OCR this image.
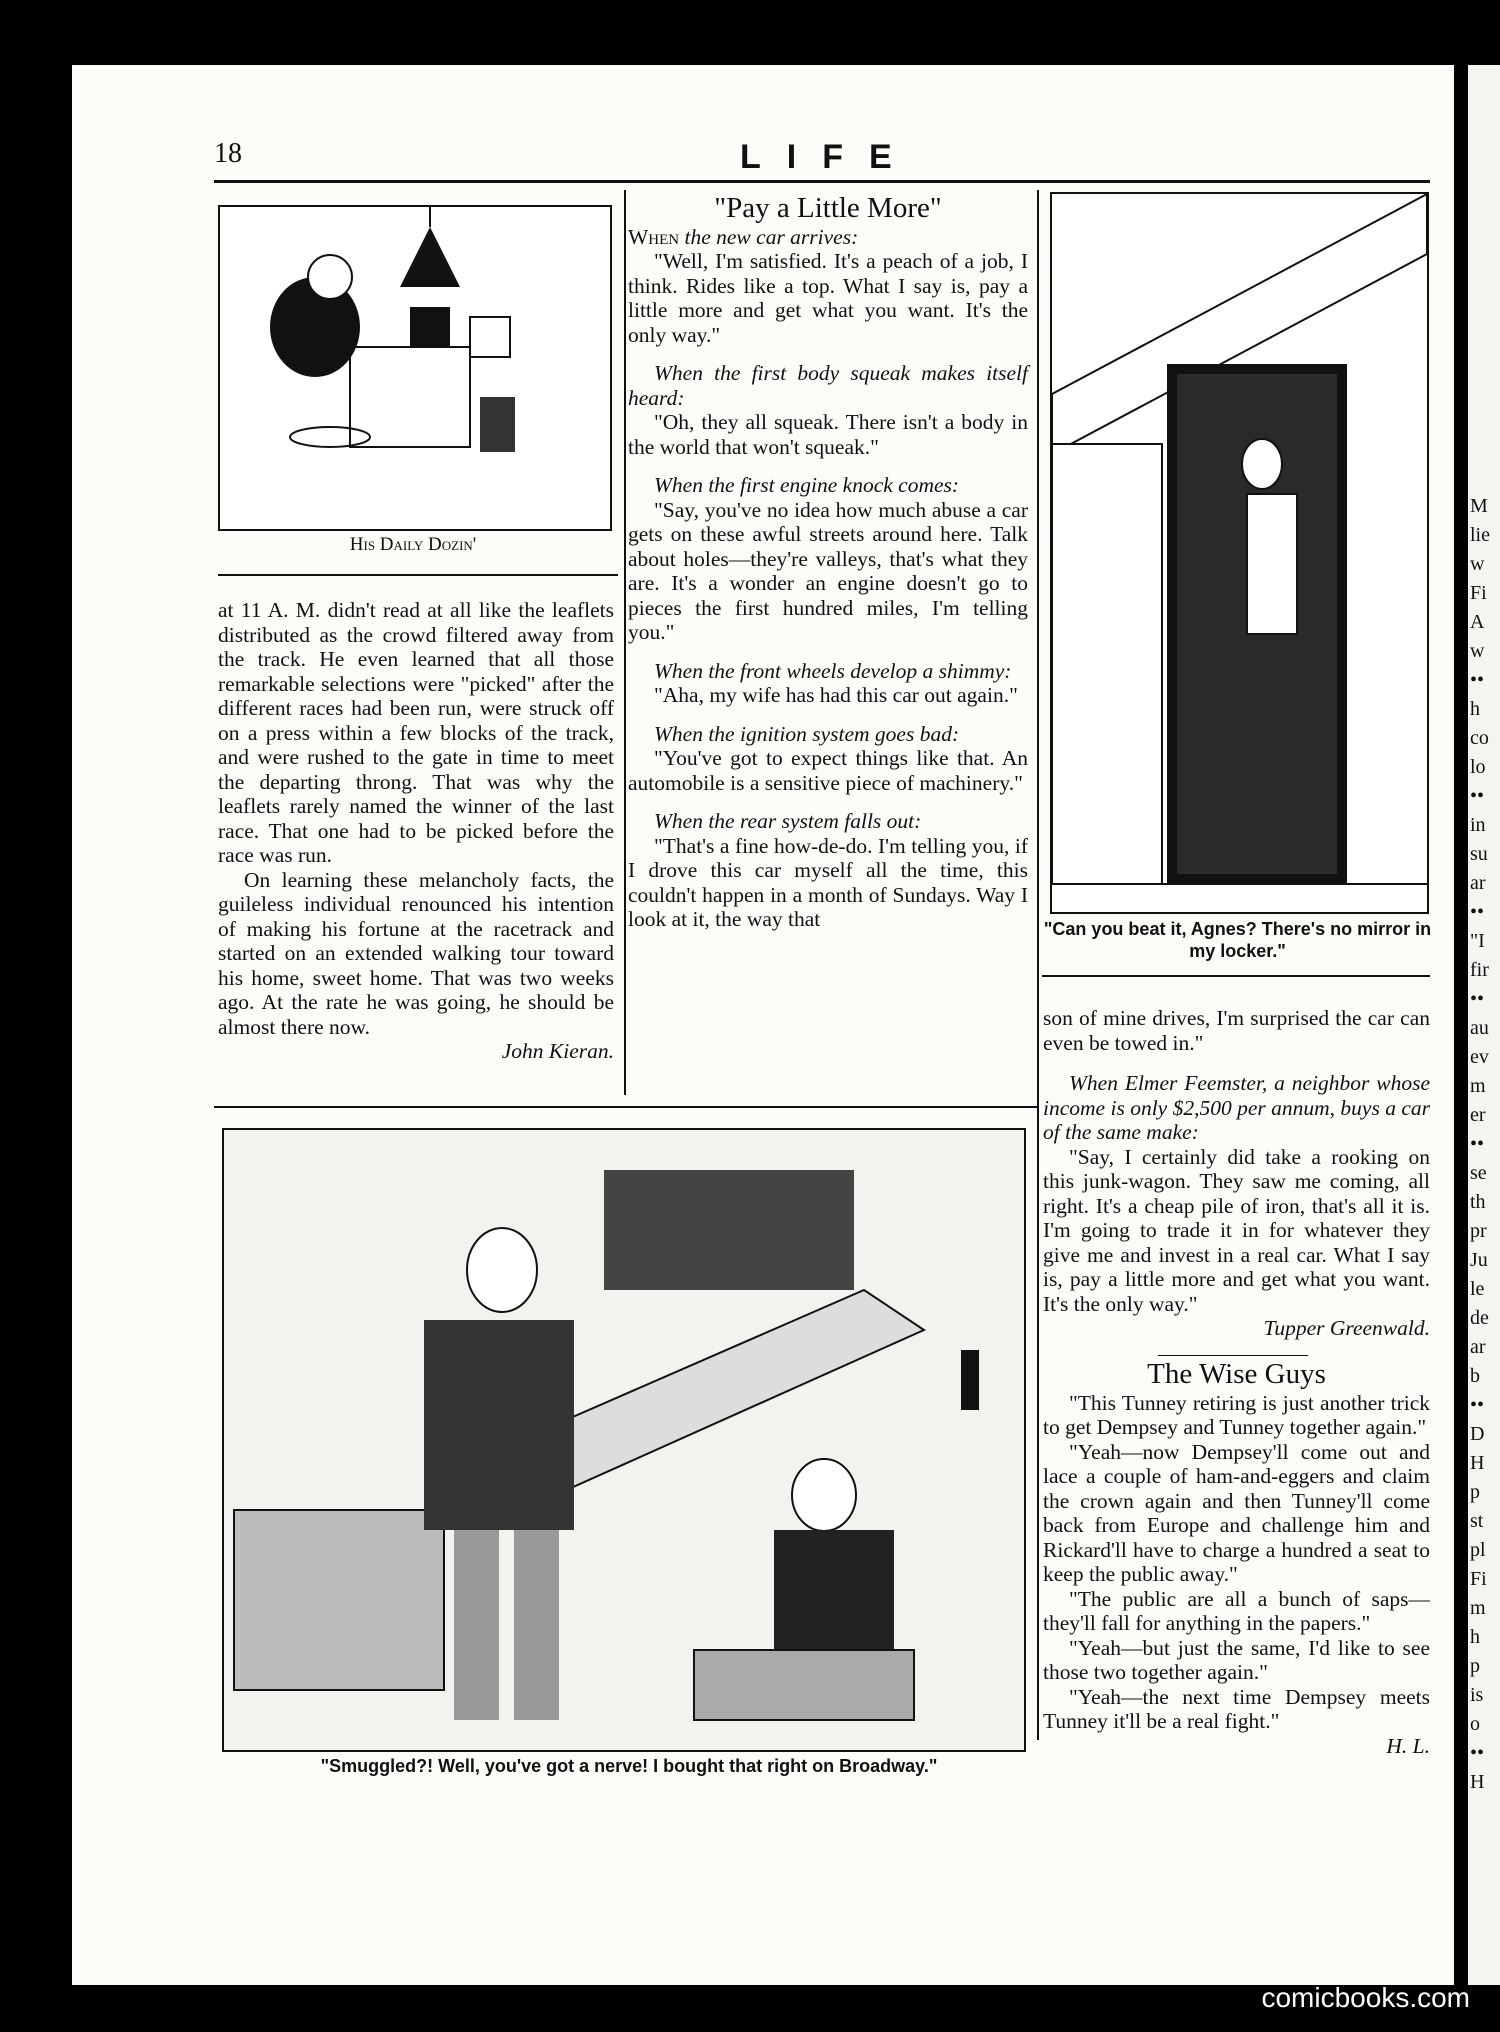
18	LIFE
His Daily Dozin'

at 11 A. M. didn't read at all like the leaflets distributed as the crowd filtered away from the track. He even learned that all those remarkable selections were "picked" after the different races had been run, were struck off on a press within a few blocks of the track, and were rushed to the gate in time to meet the departing throng. That was why the leaflets rarely named the winner of the last race. That one had to be picked before the race was run.

On learning these melancholy facts, the guileless individual renounced his intention of making his fortune at the racetrack and started on an extended walking tour toward his home, sweet home. That was two weeks ago. At the rate he was going, he should be almost there now.

John Kieran.

"Pay a Little More"

When the new car arrives:

"Well, I'm satisfied. It's a peach of a job, I think. Rides like a top. What I say is, pay a little more and get what you want. It's the only way."

When the first body squeak makes itself heard:

"Oh, they all squeak. There isn't a body in the world that won't squeak."

When the first engine knock comes:

"Say, you've no idea how much abuse a car gets on these awful streets around here. Talk about holes—they're valleys, that's what they are. It's a wonder an engine doesn't go to pieces the first hundred miles, I'm telling you."

When the front wheels develop a shimmy:

"Aha, my wife has had this car out again."

When the ignition system goes bad:

"You've got to expect things like that. An automobile is a sensitive piece of machinery."

When the rear system falls out:

"That's a fine how-de-do. I'm telling you, if I drove this car myself all the time, this couldn't happen in a month of Sundays. Way I look at it, the way that	"Can you beat it, Agnes? There's no mirror in my locker."

son of mine drives, I'm surprised the car can even be towed in."

When Elmer Feemster, a neighbor whose income is only $2,500 per annum, buys a car of the same make:

"Say, I certainly did take a rooking on this junk-wagon. They saw me coming, all right. It's a cheap pile of iron, that's all it is. I'm going to trade it in for whatever they give me and invest in a real car. What I say is, pay a little more and get what you want. It's the only way."

Tupper Greenwald.

The Wise Guys

"This Tunney retiring is just another trick to get Dempsey and Tunney together again."

"Yeah—now Dempsey'll come out and lace a couple of ham-and-eggers and claim the crown again and then Tunney'll come back from Europe and challenge him and Rickard'll have to charge a hundred a seat to keep the public away."

"The public are all a bunch of saps—they'll fall for anything in the papers."

"Yeah—but just the same, I'd like to see those two together again."

"Yeah—the next time Dempsey meets Tunney it'll be a real fight."

H. L.

"Smuggled?! Well, you've got a nerve! I bought that right on Broadway."
M
lie
w
Fi
A
w
••
h
co
lo
••
in
su
ar
••
"I
fir
••
au
ev
m
er
••
se
th
pr
Ju
le
de
ar
b
••
D
H
p
st
pl
Fi
m
h
p
is
o
••
H
comicbooks.com
